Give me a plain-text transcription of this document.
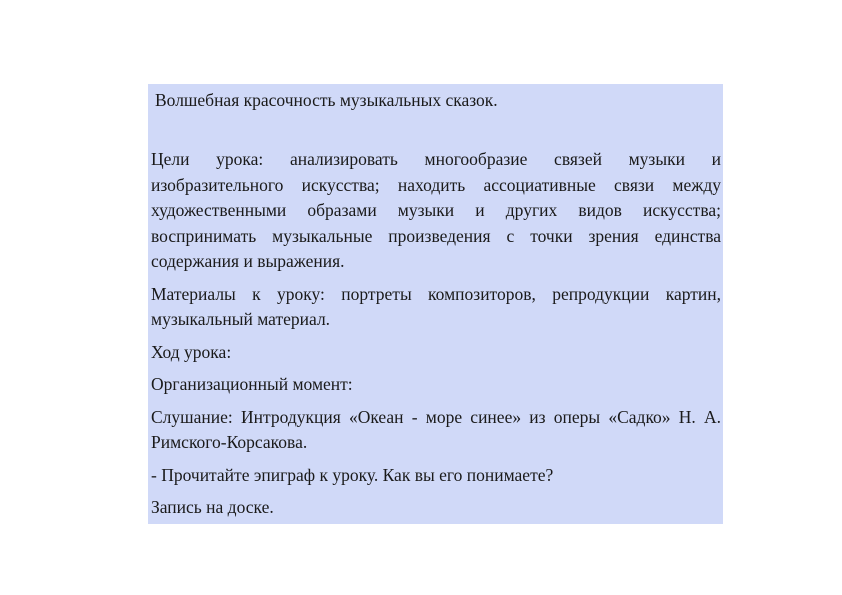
Волшебная красочность музыкальных сказок.

Цели урока: анализировать многообразие связей музыки и изобразительного искусства; находить ассоциативные связи между художественными образами музыки и других видов искусства; воспринимать музыкальные произведения с точки зрения единства содержания и выражения.

Материалы к уроку: портреты композиторов, репродукции картин, музыкальный материал.

Ход урока:

Организационный момент:

Слушание: Интродукция «Океан - море синее» из оперы «Садко» Н. А. Римского-Корсакова.

- Прочитайте эпиграф к уроку. Как вы его понимаете?

Запись на доске.
